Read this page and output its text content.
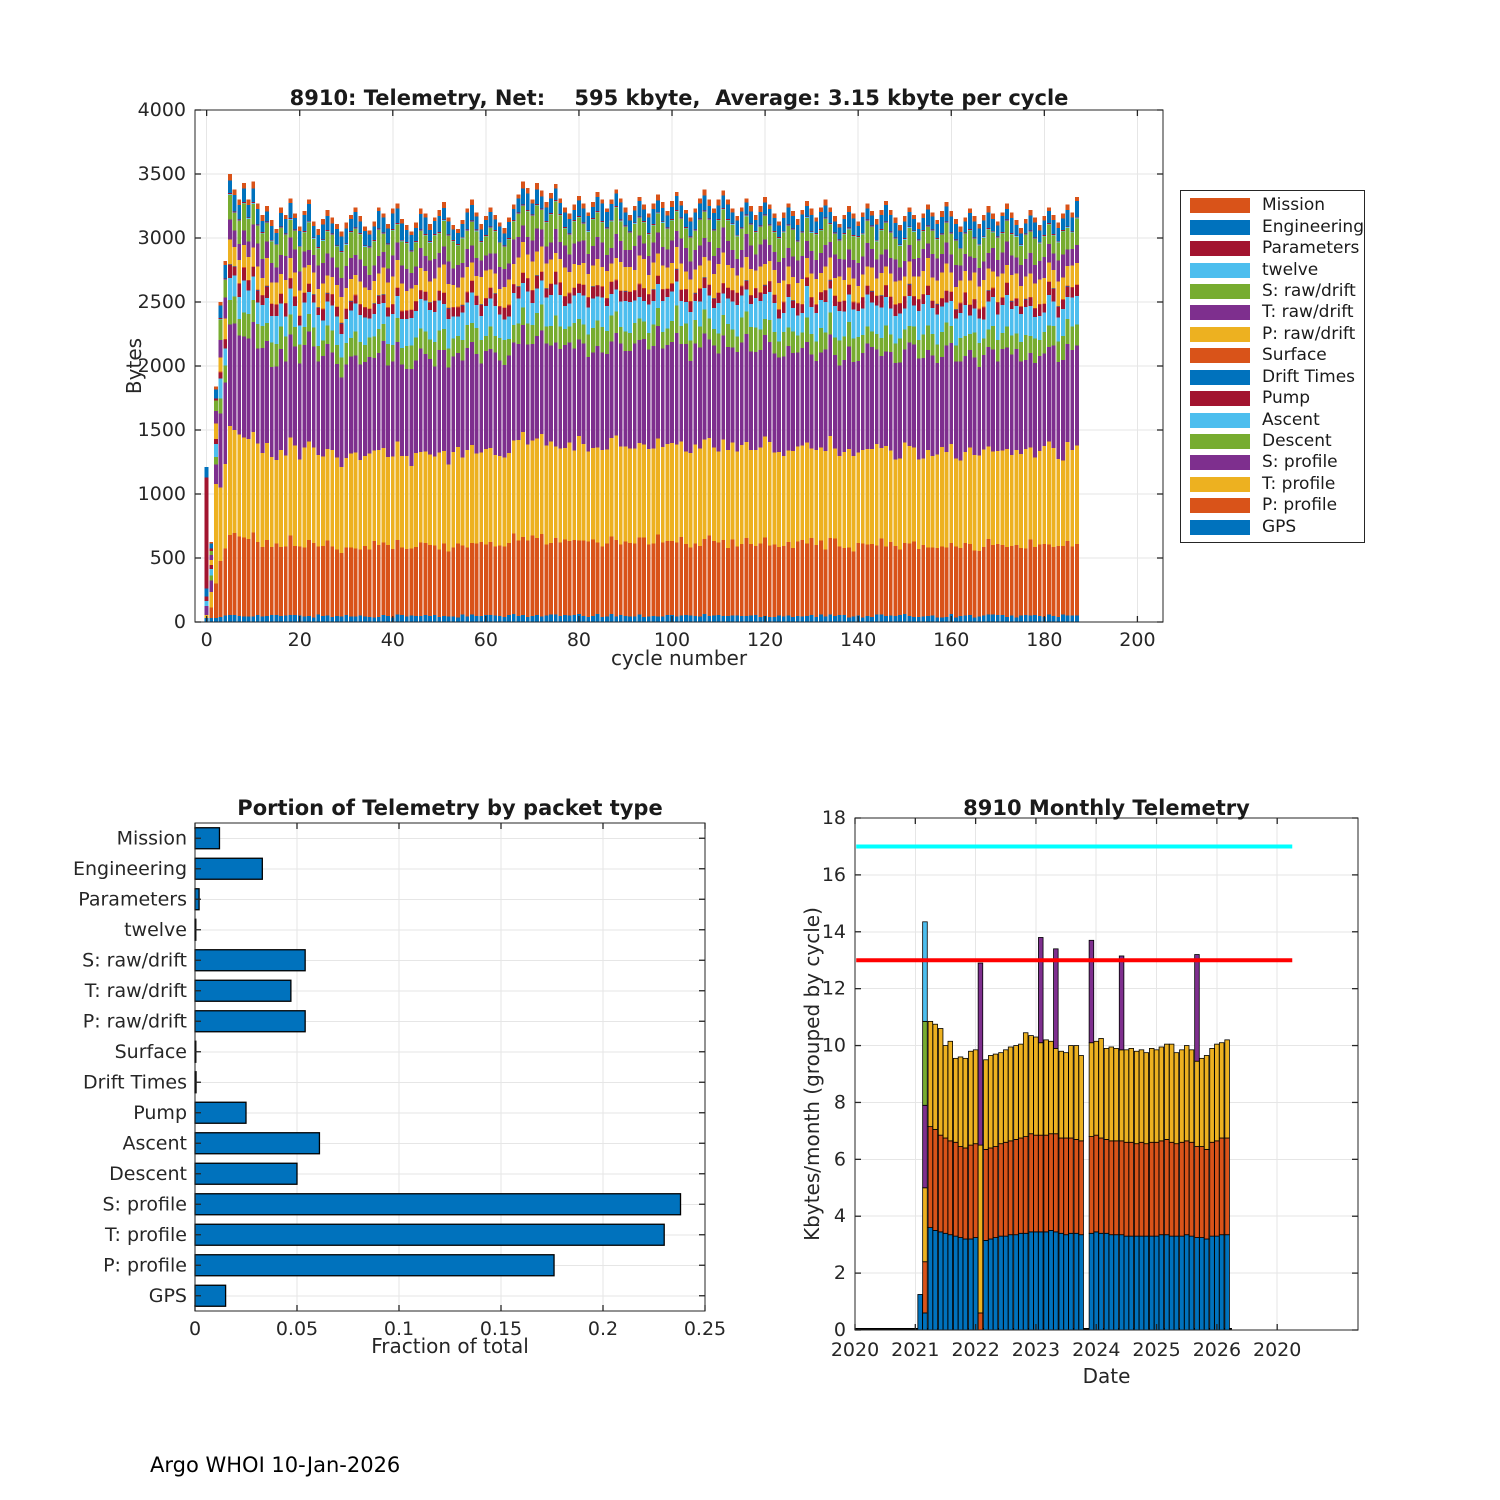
0	20	40	60	80	100	120	140	160	180	200
0
500
1000
1500
2000
2500
3000
3500
4000
0	0.05	0.1	0.15	0.2	0.25
Mission
Engineering
Parameters
twelve
S: raw/drift
T: raw/drift
P: raw/drift
Surface
Drift Times
Pump
Ascent
Descent
S: profile
T: profile
P: profile
GPS
2020 2021 2022 2023 2024 2025 2026 2020
0
2
4
6
8
10
12
14
16
18
8910: Telemetry, Net:    595 kbyte,  Average: 3.15 kbyte per cycle
Bytes
cycle number
Mission
Engineering
Parameters
twelve
S: raw/drift
T: raw/drift
P: raw/drift
Surface
Drift Times
Pump
Ascent
Descent
S: profile
T: profile
P: profile
GPS
Portion of Telemetry by packet type
Fraction of total
8910 Monthly Telemetry
Kbytes/month (grouped by cycle)
Date
Argo WHOI 10-Jan-2026
